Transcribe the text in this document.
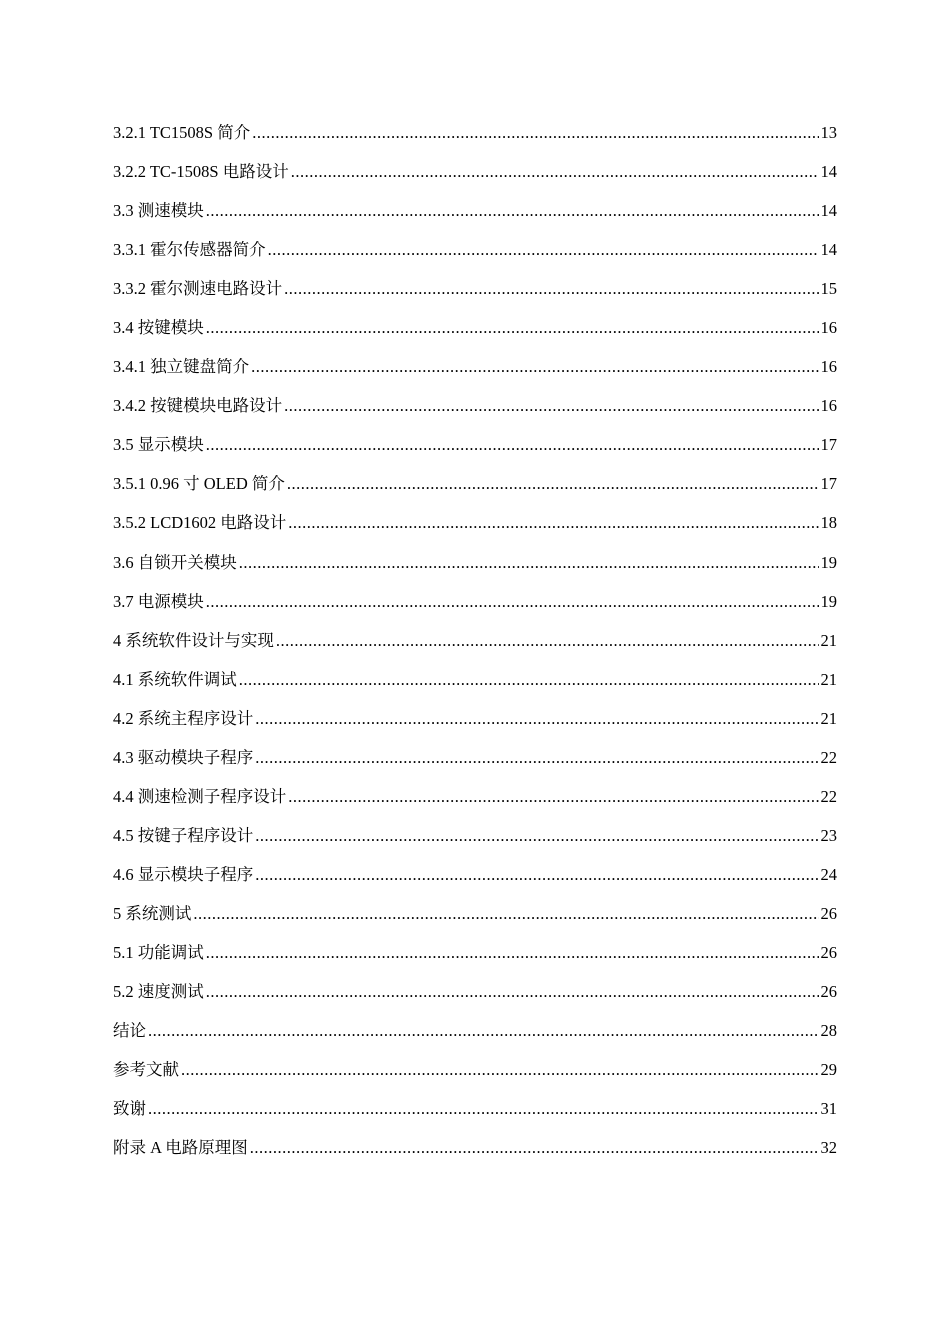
3.2.1 TC1508S 简介 .....	13
3.2.2 TC-1508S 电路设计 .....	14
3.3 测速模块 .....	14
3.3.1 霍尔传感器简介 .....	14
3.3.2 霍尔测速电路设计 .....	15
3.4 按键模块 .....	16
3.4.1 独立键盘简介 .....	16
3.4.2 按键模块电路设计 .....	16
3.5 显示模块 .....	17
3.5.1 0.96 寸 OLED 简介 .....	17
3.5.2 LCD1602 电路设计 .....	18
3.6 自锁开关模块 .....	19
3.7 电源模块 .....	19
4 系统软件设计与实现 .....	21
4.1 系统软件调试 .....	21
4.2 系统主程序设计 .....	21
4.3 驱动模块子程序 .....	22
4.4 测速检测子程序设计 .....	22
4.5 按键子程序设计 .....	23
4.6 显示模块子程序 .....	24
5 系统测试 .....	26
5.1 功能调试 .....	26
5.2 速度测试 .....	26
结论 .....	28
参考文献 .....	29
致谢 .....	31
附录 A 电路原理图 .....	32
